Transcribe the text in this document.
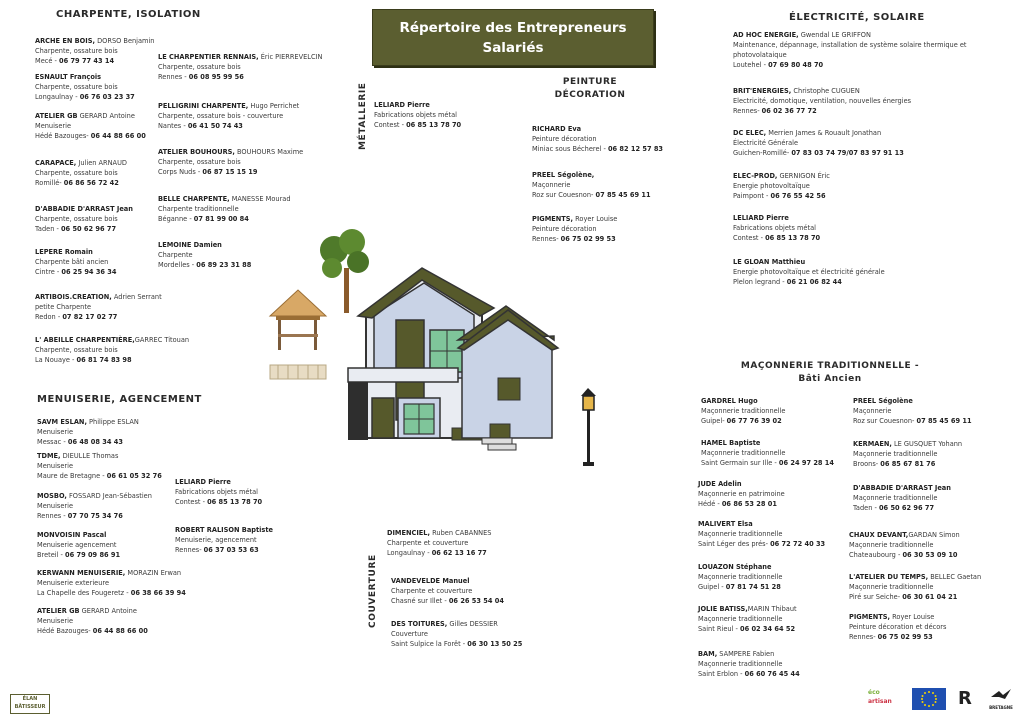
Répertoire des Entrepreneurs
Salariés
CHARPENTE, ISOLATION	ÉLECTRICITÉ, SOLAIRE
MÉTALLERIE
PEINTURE
DÉCORATION
MENUISERIE, AGENCEMENT
MAÇONNERIE TRADITIONNELLE -
Bâti Ancien
COUVERTURE
ARCHE EN BOIS, DORSO Benjamin
Charpente, ossature bois
Mecé - 06 79 77 43 14
ESNAULT François
Charpente, ossature bois
Longaulnay - 06 76 03 23 37
ATELIER GB GERARD Antoine
Menuiserie
Hédé Bazouges- 06 44 88 66 00
CARAPACE, Julien ARNAUD
Charpente, ossature bois
Romillé- 06 86 56 72 42
D'ABBADIE D'ARRAST Jean
Charpente, ossature bois
Taden - 06 50 62 96 77
LEPERE Romain
Charpente bâti ancien
Cintre - 06 25 94 36 34
ARTIBOIS.CREATION, Adrien Serrant
petite Charpente
Redon - 07 82 17 02 77
L' ABEILLE CHARPENTIÈRE,GARREC Titouan
Charpente, ossature bois
La Nouaye - 06 81 74 83 98
LE CHARPENTIER RENNAIS, Éric PIERREVELCIN
Charpente, ossature bois
Rennes - 06 08 95 99 56
PELLIGRINI CHARPENTE, Hugo Perrichet
Charpente, ossature bois - couverture
Nantes - 06 41 50 74 43
ATELIER BOUHOURS, BOUHOURS Maxime
Charpente, ossature bois
Corps Nuds - 06 87 15 15 19
BELLE CHARPENTE, MANESSE Mourad
Charpente traditionnelle
Béganne - 07 81 99 00 84
LEMOINE Damien
Charpente
Mordelles - 06 89 23 31 88
LELIARD Pierre
Fabrications objets métal
Contest - 06 85 13 78 70	RICHARD Eva
Peinture décoration
Miniac sous Bécherel - 06 82 12 57 83
PREEL Ségolène,
Maçonnerie
Roz sur Couesnon- 07 85 45 69 11
PIGMENTS, Royer Louise
Peinture décoration
Rennes- 06 75 02 99 53
AD HOC ENERGIE, Gwendal LE GRIFFON
Maintenance, dépannage, installation de système solaire thermique et
photovolataique
Loutehel - 07 69 80 48 70
BRIT'ENERGIES, Christophe CUGUEN
Electricité, domotique, ventilation, nouvelles énergies
Rennes- 06 02 36 77 72
DC ELEC, Merrien James & Rouault Jonathan
Électricité Générale
Guichen-Romillé- 07 83 03 74 79/07 83 97 91 13
ELEC-PROD, GERNIGON Éric
Energie photovoltaïque
Paimpont - 06 76 55 42 56
LELIARD Pierre
Fabrications objets métal
Contest - 06 85 13 78 70
LE GLOAN Matthieu
Energie photovoltaïque et électricité générale
Plelon legrand - 06 21 06 82 44
SAVM ESLAN, Philippe ESLAN
Menuiserie
Messac - 06 48 08 34 43
TDME, DIEULLE Thomas
Menuiserie
Maure de Bretagne - 06 61 05 32 76
MOSBO, FOSSARD Jean-Sébastien
Menuiserie
Rennes - 07 70 75 34 76
MONVOISIN Pascal
Menuiserie agencement
Breteil - 06 79 09 86 91
KERWANN MENUISERIE, MORAZIN Erwan
Menuiserie exterieure
La Chapelle des Fougeretz - 06 38 66 39 94
ATELIER GB GERARD Antoine
Menuiserie
Hédé Bazouges- 06 44 88 66 00
LELIARD Pierre
Fabrications objets métal
Contest - 06 85 13 78 70
ROBERT RALISON Baptiste
Menuiserie, agencement
Rennes- 06 37 03 53 63
DIMENCIEL, Ruben CABANNES
Charpente et couverture
Longaulnay - 06 62 13 16 77
VANDEVELDE Manuel
Charpente et couverture
Chasné sur Illet - 06 26 53 54 04
DES TOITURES, Gilles DESSIER
Couverture
Saint Sulpice la Forêt - 06 30 13 50 25
GARDREL Hugo
Maçonnerie traditionnelle
Guipel- 06 77 76 39 02
HAMEL Baptiste
Maçonnerie traditionnelle
Saint Germain sur Ille - 06 24 97 28 14
JUDE Adelin
Maçonnerie en patrimoine
Hédé - 06 86 53 28 01
MALIVERT Elsa
Maçonnerie traditionnelle
Saint Léger des prés- 06 72 72 40 33
LOUAZON Stéphane
Maçonnerie traditionnelle
Guipel - 07 81 74 51 28
JOLIE BATISS,MARIN Thibaut
Maçonnerie traditionnelle
Saint Rieul - 06 02 34 64 52
BAM, SAMPERE Fabien
Maçonnerie traditionnelle
Saint Erblon - 06 60 76 45 44
PREEL Ségolène
Maçonnerie
Roz sur Couesnon- 07 85 45 69 11
KERMAEN, LE GUSQUET Yohann
Maçonnerie traditionnelle
Broons- 06 85 67 81 76
D'ABBADIE D'ARRAST Jean
Maçonnerie traditionnelle
Taden - 06 50 62 96 77
CHAUX DEVANT,GARDAN Simon
Maçonnerie traditionnelle
Chateaubourg - 06 30 53 09 10
L'ATELIER DU TEMPS, BELLEC Gaetan
Maçonnerie traditionnelle
Piré sur Seiche- 06 30 61 04 21
PIGMENTS, Royer Louise
Peinture décoration et décors
Rennes- 06 75 02 99 53
ÉLAN
BÂTISSEUR
éco
artisan	R	BRETAGNE
